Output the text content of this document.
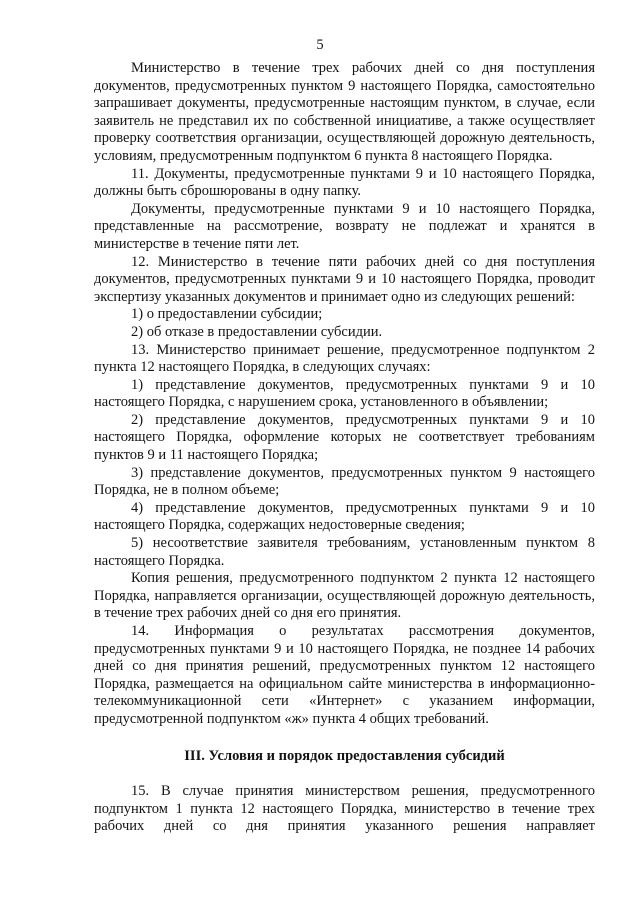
5

Министерство в течение трех рабочих дней со дня поступления документов, предусмотренных пунктом 9 настоящего Порядка, самостоятельно запрашивает документы, предусмотренные настоящим пунктом, в случае, если заявитель не представил их по собственной инициативе, а также осуществляет проверку соответствия организации, осуществляющей дорожную деятельность, условиям, предусмотренным подпунктом 6 пункта 8 настоящего Порядка.

11. Документы, предусмотренные пунктами 9 и 10 настоящего Порядка, должны быть сброшюрованы в одну папку.

Документы, предусмотренные пунктами 9 и 10 настоящего Порядка, представленные на рассмотрение, возврату не подлежат и хранятся в министерстве в течение пяти лет.

12. Министерство в течение пяти рабочих дней со дня поступления документов, предусмотренных пунктами 9 и 10 настоящего Порядка, проводит экспертизу указанных документов и принимает одно из следующих решений:

1) о предоставлении субсидии;

2) об отказе в предоставлении субсидии.

13. Министерство принимает решение, предусмотренное подпунктом 2 пункта 12 настоящего Порядка, в следующих случаях:

1) представление документов, предусмотренных пунктами 9 и 10 настоящего Порядка, с нарушением срока, установленного в объявлении;

2) представление документов, предусмотренных пунктами 9 и 10 настоящего Порядка, оформление которых не соответствует требованиям пунктов 9 и 11 настоящего Порядка;

3) представление документов, предусмотренных пунктом 9 настоящего Порядка, не в полном объеме;

4) представление документов, предусмотренных пунктами 9 и 10 настоящего Порядка, содержащих недостоверные сведения;

5) несоответствие заявителя требованиям, установленным пунктом 8 настоящего Порядка.

Копия решения, предусмотренного подпунктом 2 пункта 12 настоящего Порядка, направляется организации, осуществляющей дорожную деятельность, в течение трех рабочих дней со дня его принятия.

14. Информация о результатах рассмотрения документов, предусмотренных пунктами 9 и 10 настоящего Порядка, не позднее 14 рабочих дней со дня принятия решений, предусмотренных пунктом 12 настоящего Порядка, размещается на официальном сайте министерства в информационно-телекоммуникационной сети «Интернет» с указанием информации, предусмотренной подпунктом «ж» пункта 4 общих требований.

III. Условия и порядок предоставления субсидий

15. В случае принятия министерством решения, предусмотренного подпунктом 1 пункта 12 настоящего Порядка, министерство в течение трех рабочих дней со дня принятия указанного решения направляет
